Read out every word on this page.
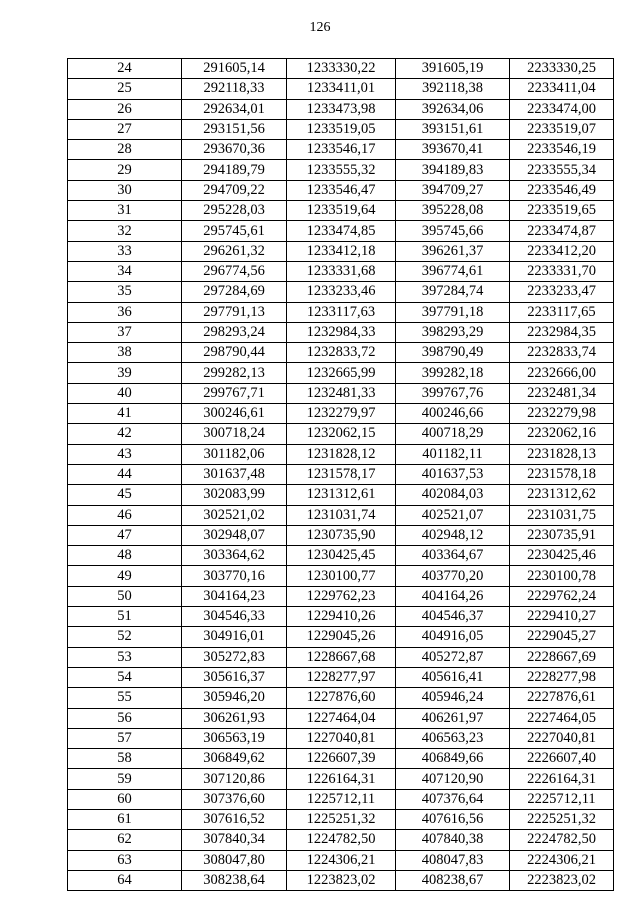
126
24	291605,14	1233330,22	391605,19	2233330,25
25	292118,33	1233411,01	392118,38	2233411,04
26	292634,01	1233473,98	392634,06	2233474,00
27	293151,56	1233519,05	393151,61	2233519,07
28	293670,36	1233546,17	393670,41	2233546,19
29	294189,79	1233555,32	394189,83	2233555,34
30	294709,22	1233546,47	394709,27	2233546,49
31	295228,03	1233519,64	395228,08	2233519,65
32	295745,61	1233474,85	395745,66	2233474,87
33	296261,32	1233412,18	396261,37	2233412,20
34	296774,56	1233331,68	396774,61	2233331,70
35	297284,69	1233233,46	397284,74	2233233,47
36	297791,13	1233117,63	397791,18	2233117,65
37	298293,24	1232984,33	398293,29	2232984,35
38	298790,44	1232833,72	398790,49	2232833,74
39	299282,13	1232665,99	399282,18	2232666,00
40	299767,71	1232481,33	399767,76	2232481,34
41	300246,61	1232279,97	400246,66	2232279,98
42	300718,24	1232062,15	400718,29	2232062,16
43	301182,06	1231828,12	401182,11	2231828,13
44	301637,48	1231578,17	401637,53	2231578,18
45	302083,99	1231312,61	402084,03	2231312,62
46	302521,02	1231031,74	402521,07	2231031,75
47	302948,07	1230735,90	402948,12	2230735,91
48	303364,62	1230425,45	403364,67	2230425,46
49	303770,16	1230100,77	403770,20	2230100,78
50	304164,23	1229762,23	404164,26	2229762,24
51	304546,33	1229410,26	404546,37	2229410,27
52	304916,01	1229045,26	404916,05	2229045,27
53	305272,83	1228667,68	405272,87	2228667,69
54	305616,37	1228277,97	405616,41	2228277,98
55	305946,20	1227876,60	405946,24	2227876,61
56	306261,93	1227464,04	406261,97	2227464,05
57	306563,19	1227040,81	406563,23	2227040,81
58	306849,62	1226607,39	406849,66	2226607,40
59	307120,86	1226164,31	407120,90	2226164,31
60	307376,60	1225712,11	407376,64	2225712,11
61	307616,52	1225251,32	407616,56	2225251,32
62	307840,34	1224782,50	407840,38	2224782,50
63	308047,80	1224306,21	408047,83	2224306,21
64	308238,64	1223823,02	408238,67	2223823,02
